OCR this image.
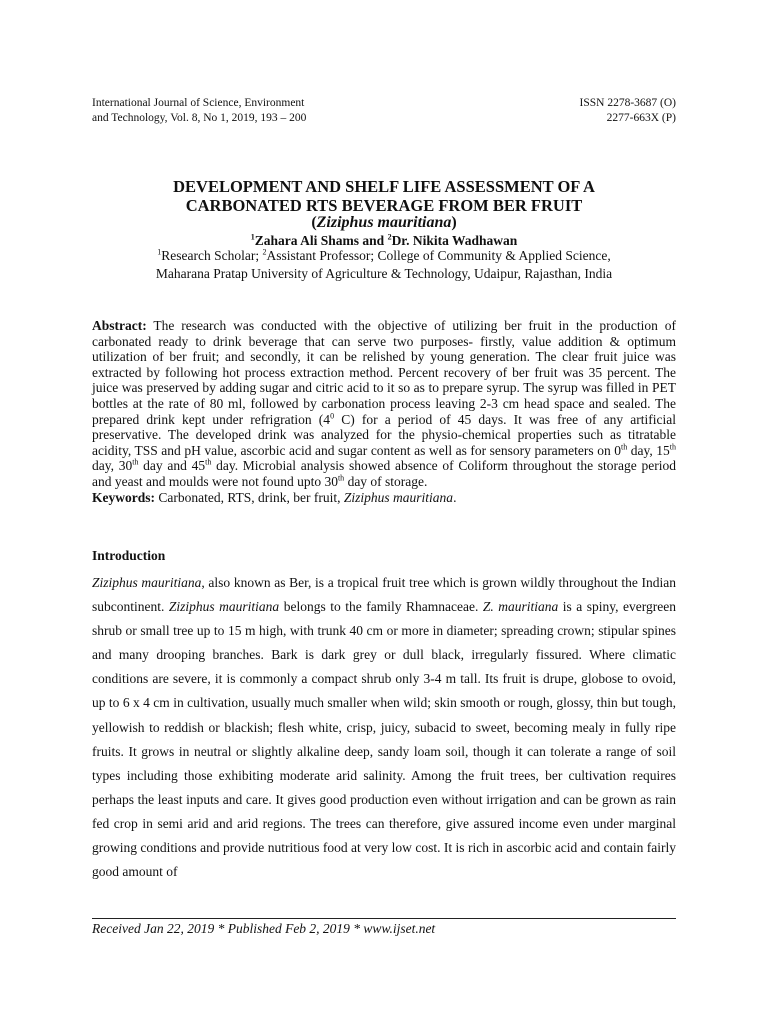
International Journal of Science, Environment
and Technology, Vol. 8, No 1, 2019, 193 – 200
ISSN 2278-3687 (O)
2277-663X (P)
DEVELOPMENT AND SHELF LIFE ASSESSMENT OF A
CARBONATED RTS BEVERAGE FROM BER FRUIT
(Ziziphus mauritiana)
$^1$Zahara Ali Shams and $^2$Dr. Nikita Wadhawan
$^1$Research Scholar; $^2$Assistant Professor; College of Community & Applied Science,
Maharana Pratap University of Agriculture & Technology, Udaipur, Rajasthan, India
Abstract: The research was conducted with the objective of utilizing ber fruit in the production of carbonated ready to drink beverage that can serve two purposes- firstly, value addition & optimum utilization of ber fruit; and secondly, it can be relished by young generation. The clear fruit juice was extracted by following hot process extraction method. Percent recovery of ber fruit was 35 percent. The juice was preserved by adding sugar and citric acid to it so as to prepare syrup. The syrup was filled in PET bottles at the rate of 80 ml, followed by carbonation process leaving 2-3 cm head space and sealed. The prepared drink kept under refrigration ($4^0$ C) for a period of 45 days. It was free of any artificial preservative. The developed drink was analyzed for the physio-chemical properties such as titratable acidity, TSS and pH value, ascorbic acid and sugar content as well as for sensory parameters on 0th day, 15th day, 30th day and 45th day. Microbial analysis showed absence of Coliform throughout the storage period and yeast and moulds were not found upto 30th day of storage.
Keywords: Carbonated, RTS, drink, ber fruit, Ziziphus mauritiana.
Introduction
Ziziphus mauritiana, also known as Ber, is a tropical fruit tree which is grown wildly throughout the Indian subcontinent. Ziziphus mauritiana belongs to the family Rhamnaceae. Z. mauritiana is a spiny, evergreen shrub or small tree up to 15 m high, with trunk 40 cm or more in diameter; spreading crown; stipular spines and many drooping branches. Bark is dark grey or dull black, irregularly fissured. Where climatic conditions are severe, it is commonly a compact shrub only 3-4 m tall. Its fruit is drupe, globose to ovoid, up to 6 x 4 cm in cultivation, usually much smaller when wild; skin smooth or rough, glossy, thin but tough, yellowish to reddish or blackish; flesh white, crisp, juicy, subacid to sweet, becoming mealy in fully ripe fruits. It grows in neutral or slightly alkaline deep, sandy loam soil, though it can tolerate a range of soil types including those exhibiting moderate arid salinity. Among the fruit trees, ber cultivation requires perhaps the least inputs and care. It gives good production even without irrigation and can be grown as rain fed crop in semi arid and arid regions. The trees can therefore, give assured income even under marginal growing conditions and provide nutritious food at very low cost. It is rich in ascorbic acid and contain fairly good amount of
Received Jan 22, 2019 * Published Feb 2, 2019 * www.ijset.net
